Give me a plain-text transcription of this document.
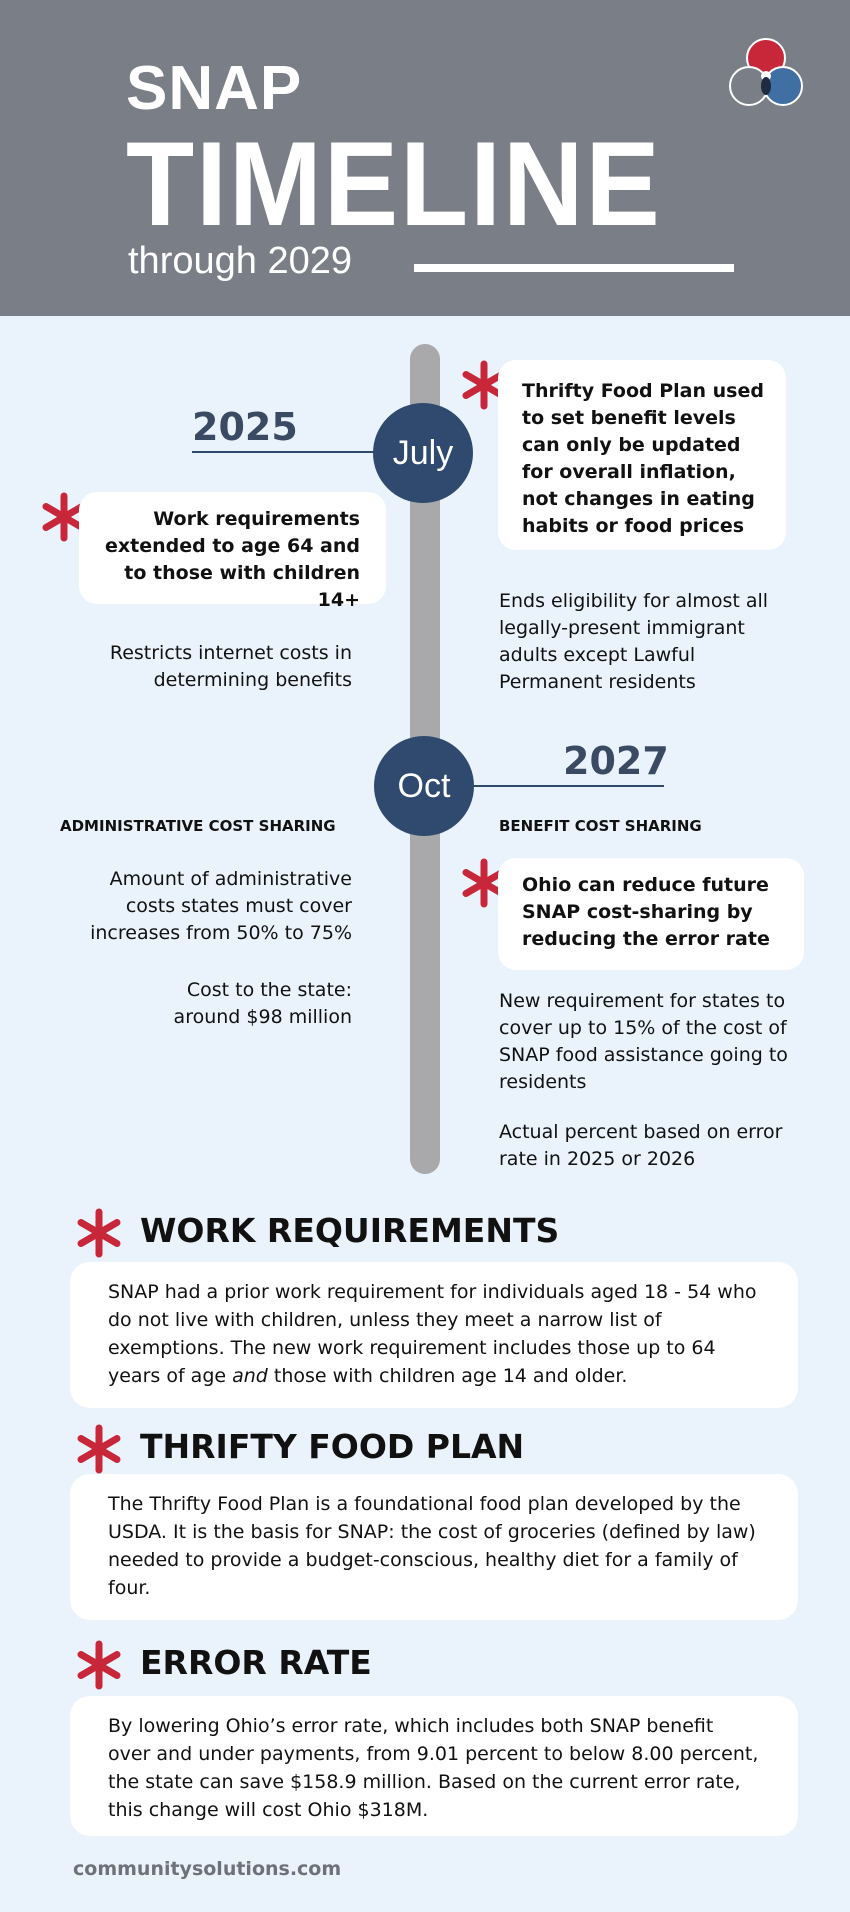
SNAP
TIMELINE
through 2029
2025
July
2027
Oct
Thrifty Food Plan used to set benefit levels can only be updated for overall inflation, not changes in eating habits or food prices
Work requirements extended to age 64 and to those with children 14+
Restricts internet costs in determining benefits
Ends eligibility for almost all legally-present immigrant adults except Lawful Permanent residents
ADMINISTRATIVE COST SHARING
Amount of administrative costs states must cover increases from 50% to 75%
Cost to the state: around $98 million
BENEFIT COST SHARING
Ohio can reduce future SNAP cost-sharing by reducing the error rate
New requirement for states to cover up to 15% of the cost of SNAP food assistance going to residents
Actual percent based on error rate in 2025 or 2026
WORK REQUIREMENTS
SNAP had a prior work requirement for individuals aged 18 - 54 who do not live with children, unless they meet a narrow list of exemptions. The new work requirement includes those up to 64 years of age and those with children age 14 and older.
THRIFTY FOOD PLAN
The Thrifty Food Plan is a foundational food plan developed by the USDA. It is the basis for SNAP: the cost of groceries (defined by law) needed to provide a budget-conscious, healthy diet for a family of four.
ERROR RATE
By lowering Ohio’s error rate, which includes both SNAP benefit over and under payments, from 9.01 percent to below 8.00 percent, the state can save $158.9 million. Based on the current error rate, this change will cost Ohio $318M.
communitysolutions.com
